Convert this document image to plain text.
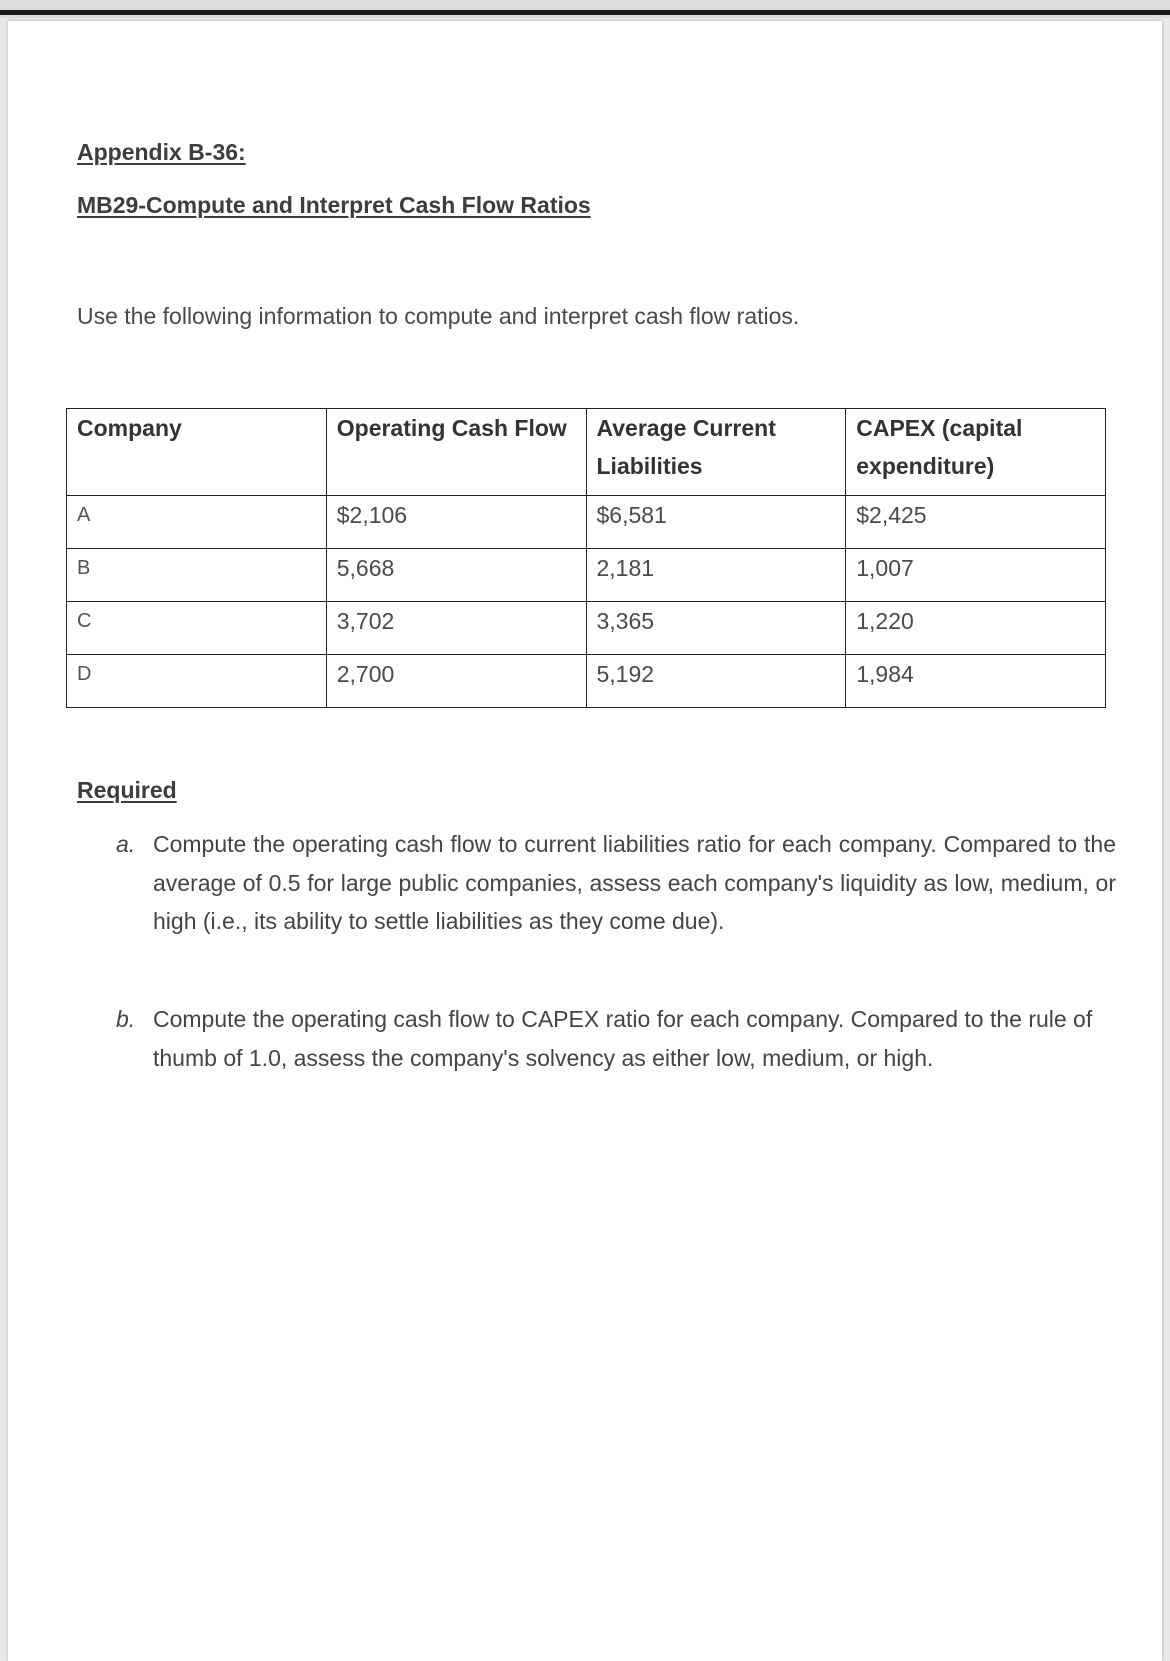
Appendix B-36:
MB29-Compute and Interpret Cash Flow Ratios
Use the following information to compute and interpret cash flow ratios.
Company	Operating Cash Flow	Average Current Liabilities	CAPEX (capital expenditure)
A	$2,106	$6,581	$2,425
B	5,668	2,181	1,007
C	3,702	3,365	1,220
D	2,700	5,192	1,984
Required
a. Compute the operating cash flow to current liabilities ratio for each company. Compared to the average of 0.5 for large public companies, assess each company's liquidity as low, medium, or high (i.e., its ability to settle liabilities as they come due).
b. Compute the operating cash flow to CAPEX ratio for each company. Compared to the rule of thumb of 1.0, assess the company's solvency as either low, medium, or high.
